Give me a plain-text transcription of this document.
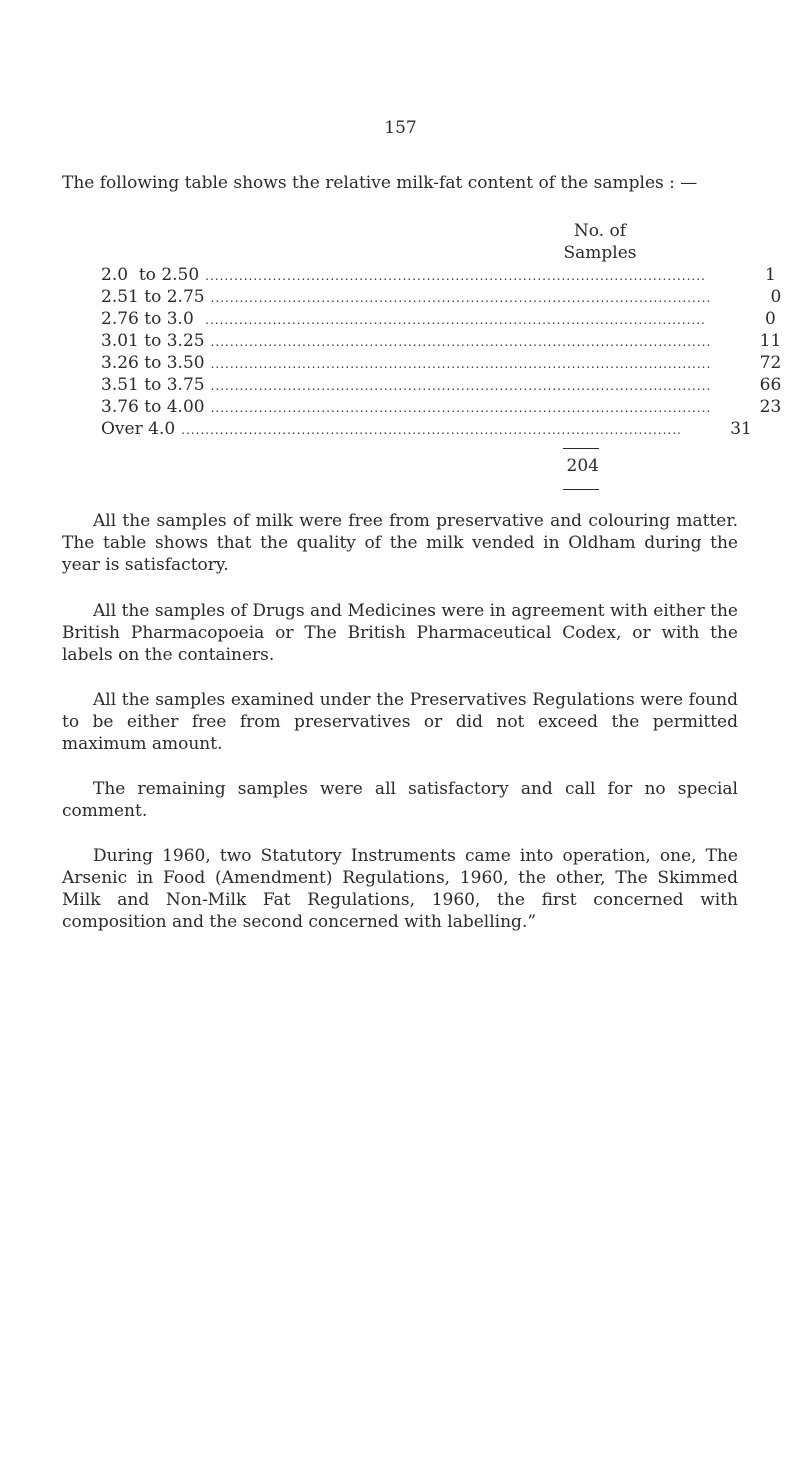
157

The following table shows the relative milk-fat content of the samples : —

No. of
Samples
2.0  to 2.50 ........................................................................................................	1
2.51 to 2.75 ........................................................................................................	0
2.76 to 3.0 ........................................................................................................	0
3.01 to 3.25 ........................................................................................................	11
3.26 to 3.50 ........................................................................................................	72
3.51 to 3.75 ........................................................................................................	66
3.76 to 4.00 ........................................................................................................	23
Over 4.0 ........................................................................................................	31
204

All the samples of milk were free from preservative and colouring matter. The table shows that the quality of the milk vended in Oldham during the year is satisfactory.

All the samples of Drugs and Medicines were in agreement with either the British Pharmacopoeia or The British Pharmaceutical Codex, or with the labels on the containers.

All the samples examined under the Preservatives Regulations were found to be either free from preservatives or did not exceed the permitted maximum amount.

The remaining samples were all satisfactory and call for no special comment.

During 1960, two Statutory Instruments came into operation, one, The Arsenic in Food (Amendment) Regulations, 1960, the other, The Skimmed Milk and Non-Milk Fat Regulations, 1960, the first concerned with composition and the second concerned with labelling.”
